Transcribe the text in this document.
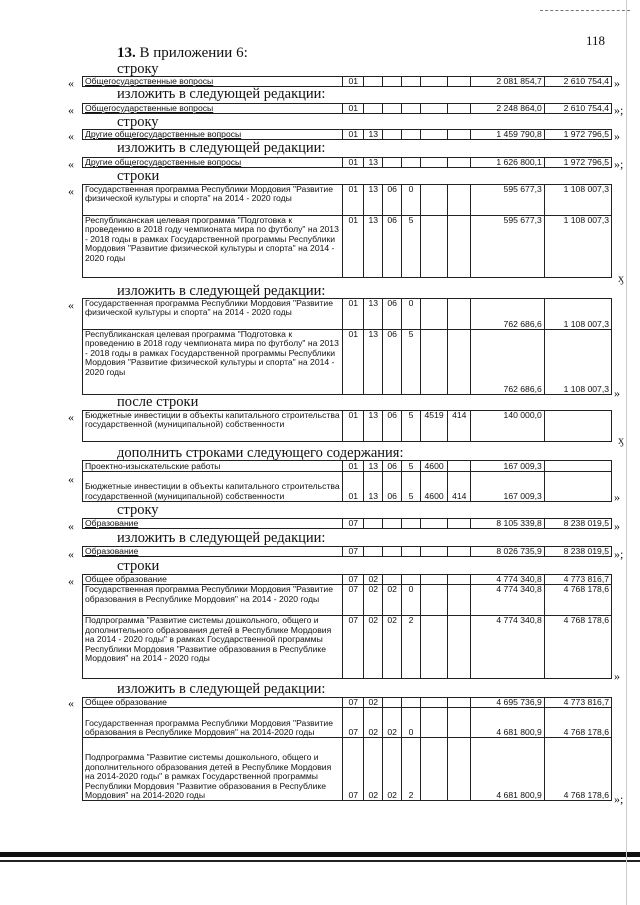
118
13. В приложении 6:
строку
изложить в следующей редакции:
строку
изложить в следующей редакции:
строки
изложить в следующей редакции:
после строки
дополнить строками следующего содержания:
строку
изложить в следующей редакции:
строки
изложить в следующей редакции:
«	»
«	»;
«	»
«	»;
«
ӽ
«
»
«
ӽ
«
»
«	»
«	»;
«
»
«
»;
Общегосударственные вопросы	01						2 081 854,7	2 610 754,4
Общегосударственные вопросы	01						2 248 864,0	2 610 754,4
Другие общегосударственные вопросы	01	13					1 459 790,8	1 972 796,5
Другие общегосударственные вопросы	01	13					1 626 800,1	1 972 796,5
Государственная программа Республики Мордовия "Развитие физической культуры и спорта" на 2014 - 2020 годы	01	13	06	0			595 677,3	1 108 007,3
Республиканская целевая программа "Подготовка к проведению в 2018 году чемпионата мира по футболу" на 2013 - 2018 годы в рамках Государственной программы Республики Мордовия "Развитие физической культуры и спорта" на 2014 - 2020 годы	01	13	06	5			595 677,3	1 108 007,3
Государственная программа Республики Мордовия "Развитие физической культуры и спорта" на 2014 - 2020 годы	01	13	06	0			762 686,6	1 108 007,3
Республиканская целевая программа "Подготовка к проведению в 2018 году чемпионата мира по футболу" на 2013 - 2018 годы в рамках Государственной программы Республики Мордовия "Развитие физической культуры и спорта" на 2014 - 2020 годы	01	13	06	5			762 686,6	1 108 007,3
Бюджетные инвестиции в объекты капитального строительства государственной (муниципальной) собственности	01	13	06	5	4519	414	140 000,0	
Проектно-изыскательские работы	01	13	06	5	4600		167 009,3	
Бюджетные инвестиции в объекты капитального строительства государственной (муниципальной) собственности	01	13	06	5	4600	414	167 009,3	
Образование	07						8 105 339,8	8 238 019,5
Образование	07						8 026 735,9	8 238 019,5
Общее образование	07	02					4 774 340,8	4 773 816,7
Государственная программа Республики Мордовия "Развитие образования в Республике Мордовия" на 2014 - 2020 годы	07	02	02	0			4 774 340,8	4 768 178,6
Подпрограмма "Развитие системы дошкольного, общего и дополнительного образования детей в Республике Мордовия на 2014 - 2020 годы" в рамках Государственной программы Республики Мордовия "Развитие образования в Республике Мордовия" на 2014 - 2020 годы	07	02	02	2			4 774 340,8	4 768 178,6
Общее образование	07	02					4 695 736,9	4 773 816,7
Государственная программа Республики Мордовия "Развитие образования в Республике Мордовия" на 2014-2020 годы	07	02	02	0			4 681 800,9	4 768 178,6
Подпрограмма "Развитие системы дошкольного, общего и дополнительного образования детей в Республике Мордовия на 2014-2020 годы" в рамках Государственной программы Республики Мордовия "Развитие образования в Республике Мордовия" на 2014-2020 годы	07	02	02	2			4 681 800,9	4 768 178,6
